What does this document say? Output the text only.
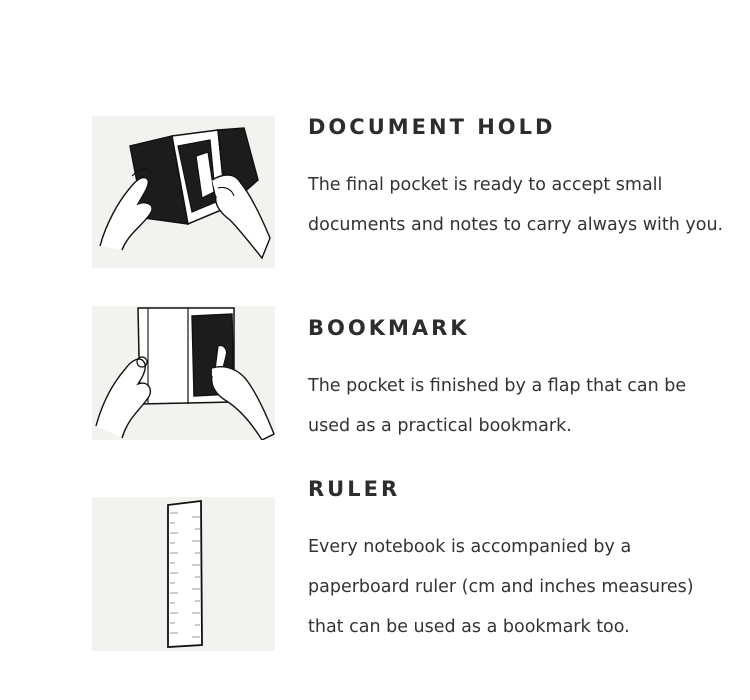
DOCUMENT HOLD

The final pocket is ready to accept small documents and notes to carry always with you.

BOOKMARK

The pocket is finished by a flap that can be used as a practical bookmark.

RULER

Every notebook is accompanied by a paperboard ruler (cm and inches measures) that can be used as a bookmark too.
